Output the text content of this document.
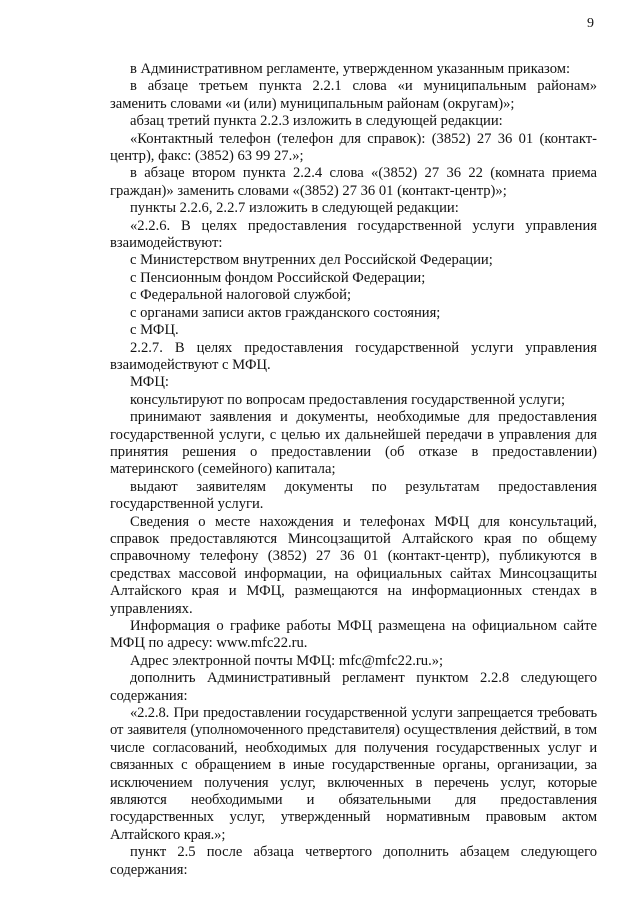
9

в Административном регламенте, утвержденном указанным приказом:

в абзаце третьем пункта 2.2.1 слова «и муниципальным районам» заменить словами «и (или) муниципальным районам (округам)»;

абзац третий пункта 2.2.3 изложить в следующей редакции:

«Контактный телефон (телефон для справок): (3852) 27 36 01 (контакт-центр), факс: (3852) 63 99 27.»;

в абзаце втором пункта 2.2.4 слова «(3852) 27 36 22 (комната приема граждан)» заменить словами «(3852) 27 36 01 (контакт-центр)»;

пункты 2.2.6, 2.2.7 изложить в следующей редакции:

«2.2.6. В целях предоставления государственной услуги управления взаимодействуют:

с Министерством внутренних дел Российской Федерации;

с Пенсионным фондом Российской Федерации;

с Федеральной налоговой службой;

с органами записи актов гражданского состояния;

с МФЦ.

2.2.7. В целях предоставления государственной услуги управления взаимодействуют с МФЦ.

МФЦ:

консультируют по вопросам предоставления государственной услуги;

принимают заявления и документы, необходимые для предоставления государственной услуги, с целью их дальнейшей передачи в управления для принятия решения о предоставлении (об отказе в предоставлении) материнского (семейного) капитала;

выдают заявителям документы по результатам предоставления государственной услуги.

Сведения о месте нахождения и телефонах МФЦ для консультаций, справок предоставляются Минсоцзащитой Алтайского края по общему справочному телефону (3852) 27 36 01 (контакт-центр), публикуются в средствах массовой информации, на официальных сайтах Минсоцзащиты Алтайского края и МФЦ, размещаются на информационных стендах в управлениях.

Информация о графике работы МФЦ размещена на официальном сайте МФЦ по адресу: www.mfc22.ru.

Адрес электронной почты МФЦ: mfc@mfc22.ru.»;

дополнить Административный регламент пунктом 2.2.8 следующего содержания:

«2.2.8. При предоставлении государственной услуги запрещается требовать от заявителя (уполномоченного представителя) осуществления действий, в том числе согласований, необходимых для получения государственных услуг и связанных с обращением в иные государственные органы, организации, за исключением получения услуг, включенных в перечень услуг, которые являются необходимыми и обязательными для предоставления государственных услуг, утвержденный нормативным правовым актом Алтайского края.»;

пункт 2.5 после абзаца четвертого дополнить абзацем следующего содержания:
